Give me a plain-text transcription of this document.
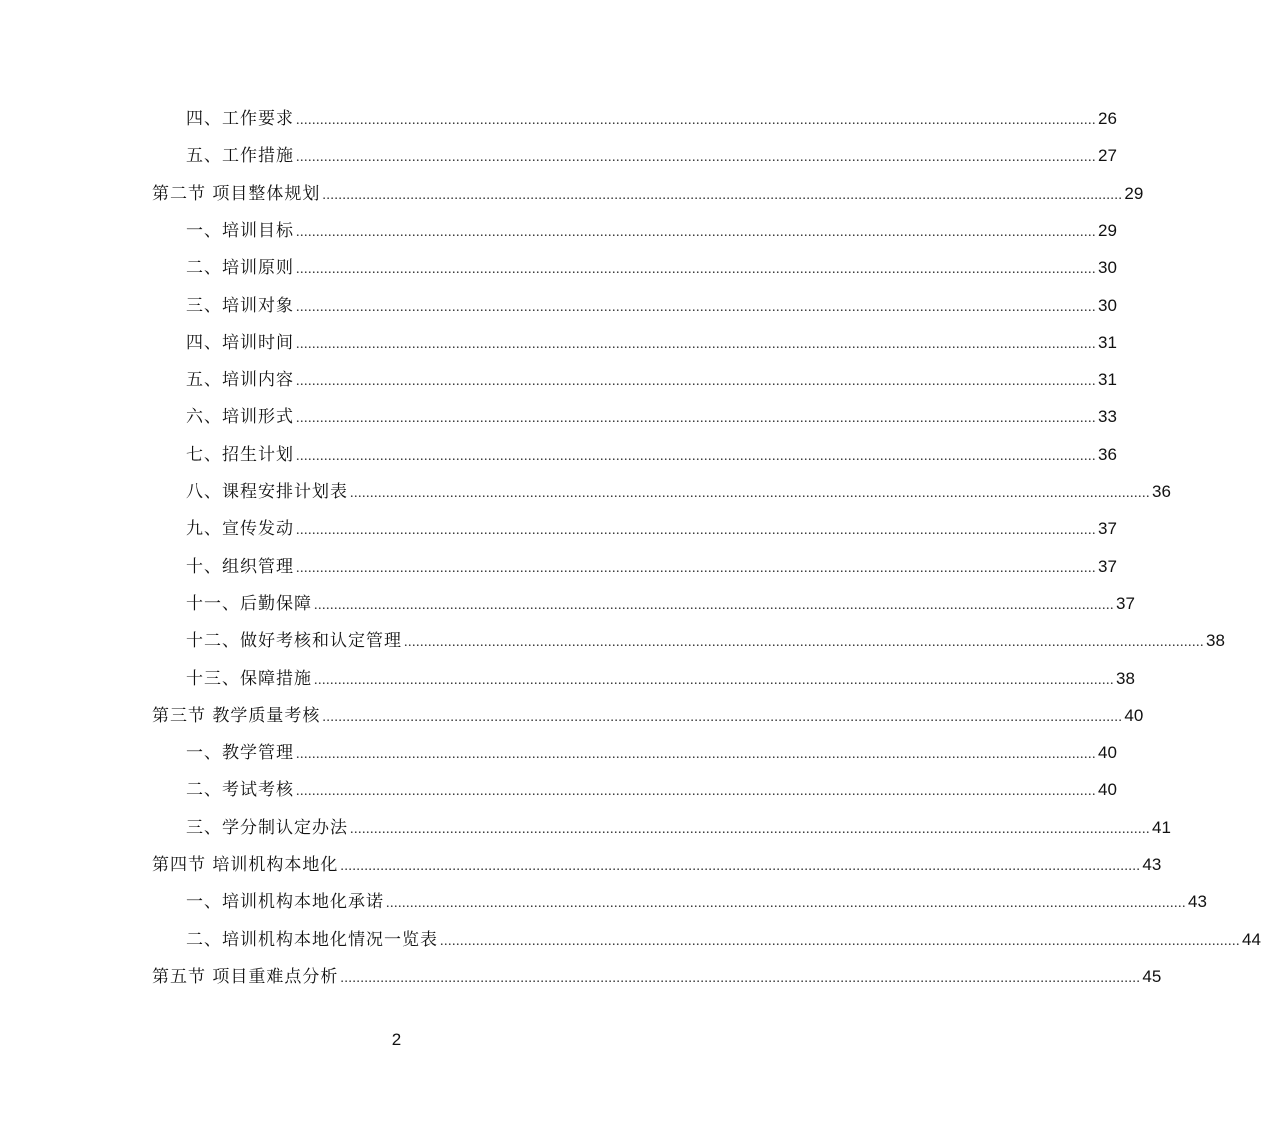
四、工作要求 ........................................................................................................................................................................................................ 26
五、工作措施 ........................................................................................................................................................................................................ 27
第二节 项目整体规划 ........................................................................................................................................................................................................ 29
一、培训目标 ........................................................................................................................................................................................................ 29
二、培训原则 ........................................................................................................................................................................................................ 30
三、培训对象 ........................................................................................................................................................................................................ 30
四、培训时间 ........................................................................................................................................................................................................ 31
五、培训内容 ........................................................................................................................................................................................................ 31
六、培训形式 ........................................................................................................................................................................................................ 33
七、招生计划 ........................................................................................................................................................................................................ 36
八、课程安排计划表 ........................................................................................................................................................................................................ 36
九、宣传发动 ........................................................................................................................................................................................................ 37
十、组织管理 ........................................................................................................................................................................................................ 37
十一、后勤保障 ........................................................................................................................................................................................................ 37
十二、做好考核和认定管理 ........................................................................................................................................................................................................ 38
十三、保障措施 ........................................................................................................................................................................................................ 38
第三节 教学质量考核 ........................................................................................................................................................................................................ 40
一、教学管理 ........................................................................................................................................................................................................ 40
二、考试考核 ........................................................................................................................................................................................................ 40
三、学分制认定办法 ........................................................................................................................................................................................................ 41
第四节 培训机构本地化 ........................................................................................................................................................................................................ 43
一、培训机构本地化承诺 ........................................................................................................................................................................................................ 43
二、培训机构本地化情况一览表 ........................................................................................................................................................................................................ 44
第五节 项目重难点分析 ........................................................................................................................................................................................................ 45
2
